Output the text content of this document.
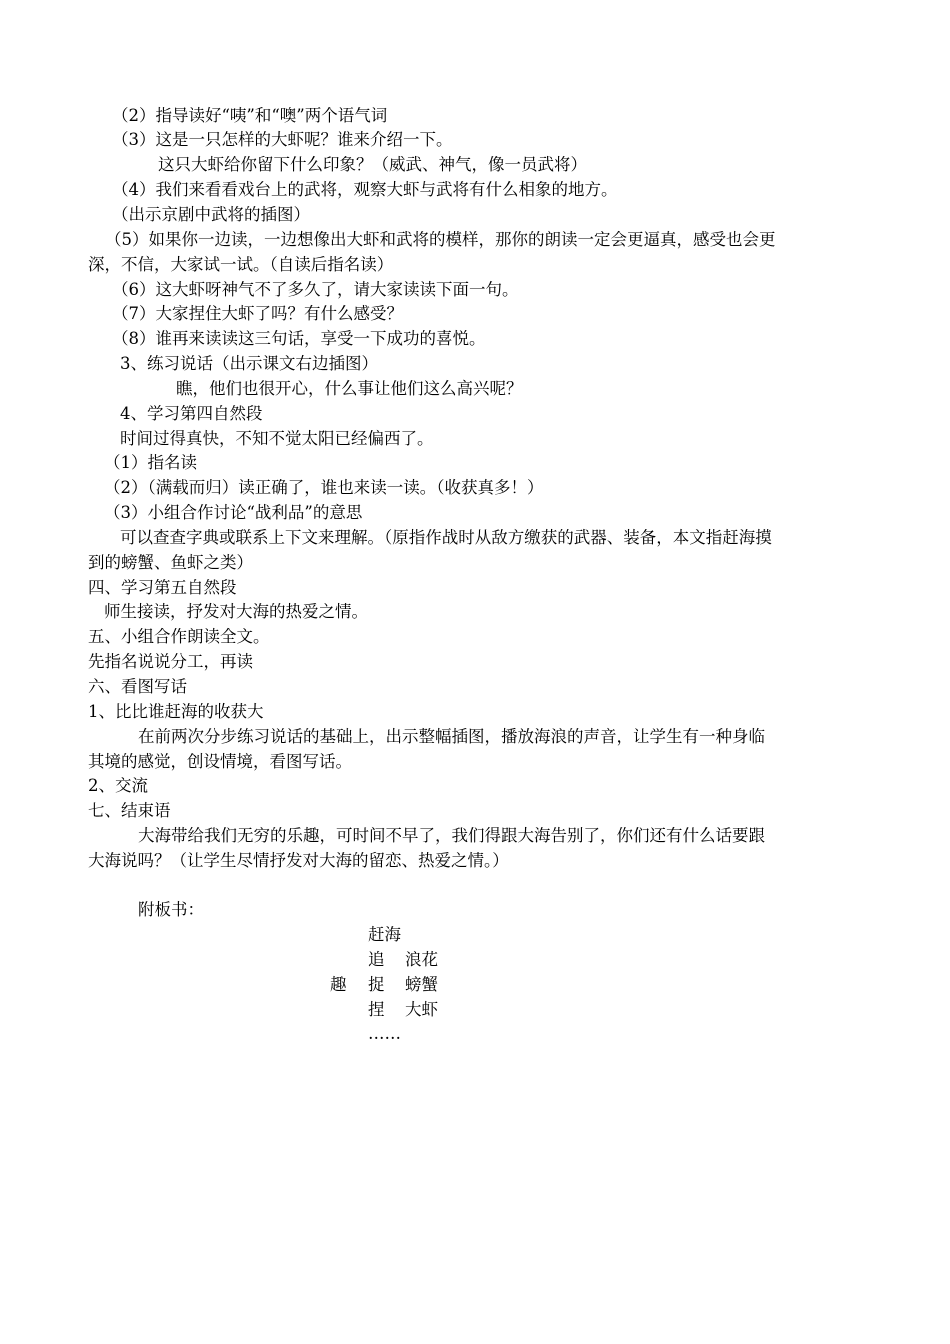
（2）指导读好“咦”和“噢”两个语气词
（3）这是一只怎样的大虾呢？谁来介绍一下。
这只大虾给你留下什么印象？（威武、神气，像一员武将）
（4）我们来看看戏台上的武将，观察大虾与武将有什么相象的地方。
（出示京剧中武将的插图）
（5）如果你一边读，一边想像出大虾和武将的模样，那你的朗读一定会更逼真，感受也会更
深，不信，大家试一试。（自读后指名读）
（6）这大虾呀神气不了多久了，请大家读读下面一句。
（7）大家捏住大虾了吗？有什么感受？
（8）谁再来读读这三句话，享受一下成功的喜悦。
3、练习说话（出示课文右边插图）
瞧，他们也很开心，什么事让他们这么高兴呢？
4、学习第四自然段
时间过得真快，不知不觉太阳已经偏西了。
（1）指名读
（2）（满载而归）读正确了，谁也来读一读。（收获真多！）
（3）小组合作讨论“战利品”的意思
可以查查字典或联系上下文来理解。（原指作战时从敌方缴获的武器、装备，本文指赶海摸
到的螃蟹、鱼虾之类）
四、学习第五自然段
师生接读，抒发对大海的热爱之情。
五、小组合作朗读全文。
先指名说说分工，再读
六、看图写话
1、比比谁赶海的收获大
在前两次分步练习说话的基础上，出示整幅插图，播放海浪的声音，让学生有一种身临
其境的感觉，创设情境，看图写话。
2、交流
七、结束语
大海带给我们无穷的乐趣，可时间不早了，我们得跟大海告别了，你们还有什么话要跟
大海说吗？（让学生尽情抒发对大海的留恋、热爱之情。）
附板书：
赶海
趣
追
捉
捏
浪花
螃蟹
大虾
……
